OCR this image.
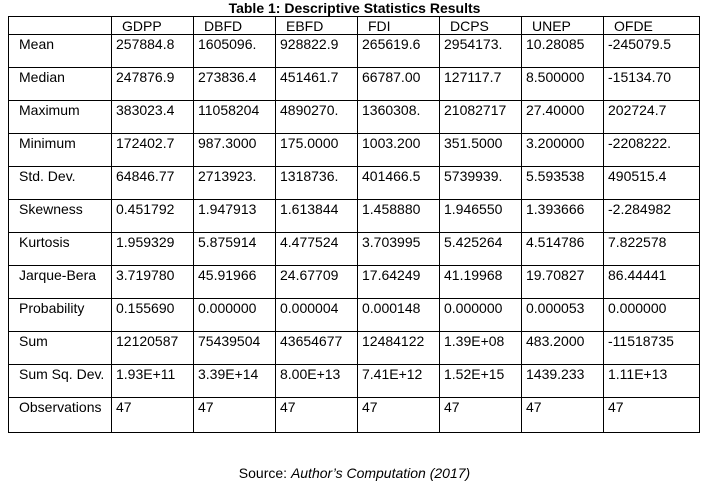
Table 1: Descriptive Statistics Results
	GDPP	DBFD	EBFD	FDI	DCPS	UNEP	OFDE
Mean	257884.8	1605096.	928822.9	265619.6	2954173.	10.28085	-245079.5
Median	247876.9	273836.4	451461.7	66787.00	127117.7	8.500000	-15134.70
Maximum	383023.4	11058204	4890270.	1360308.	21082717	27.40000	202724.7
Minimum	172402.7	987.3000	175.0000	1003.200	351.5000	3.200000	-2208222.
Std. Dev.	64846.77	2713923.	1318736.	401466.5	5739939.	5.593538	490515.4
Skewness	0.451792	1.947913	1.613844	1.458880	1.946550	1.393666	-2.284982
Kurtosis	1.959329	5.875914	4.477524	3.703995	5.425264	4.514786	7.822578
Jarque-Bera	3.719780	45.91966	24.67709	17.64249	41.19968	19.70827	86.44441
Probability	0.155690	0.000000	0.000004	0.000148	0.000000	0.000053	0.000000
Sum	12120587	75439504	43654677	12484122	1.39E+08	483.2000	-11518735
Sum Sq. Dev.	1.93E+11	3.39E+14	8.00E+13	7.41E+12	1.52E+15	1439.233	1.11E+13
Observations	47	47	47	47	47	47	47
Source: Author’s Computation (2017)
